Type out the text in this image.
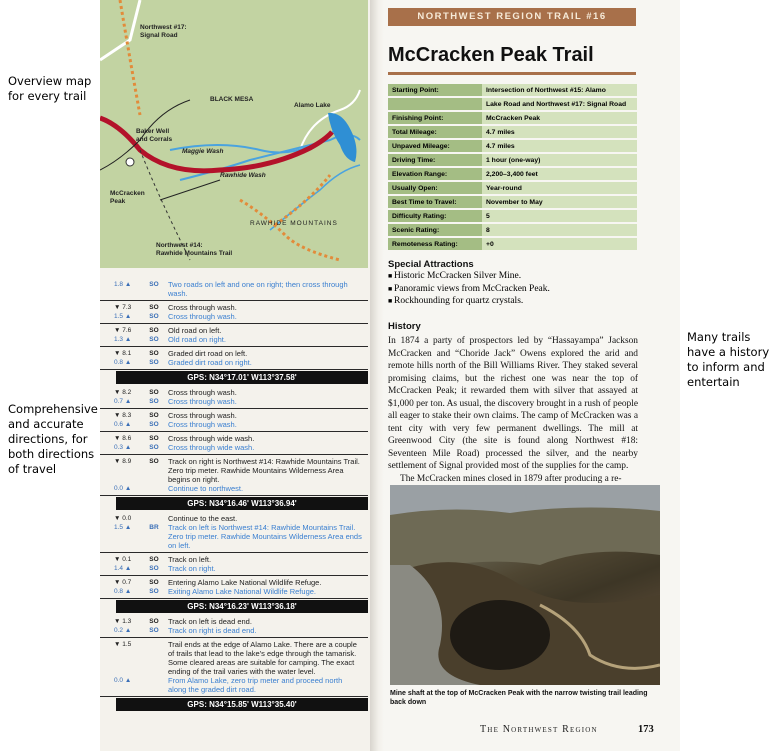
Overview map
for every trail
Comprehensive
and accurate
directions, for
both directions
of travel
Many trails
have a history
to inform and
entertain
Northwest #17:
Signal Road
BLACK MESA
Baker Well
and Corrals
Maggie Wash
Alamo Lake
Rawhide Wash
McCracken
Peak
Northwest #14:
Rawhide Mountains Trail
RAWHIDE MOUNTAINS
1.8 ▲	SO	Two roads on left and one on right; then cross through wash.
▼ 7.3	SO	Cross through wash.
1.5 ▲	SO	Cross through wash.
▼ 7.6	SO	Old road on left.
1.3 ▲	SO	Old road on right.
▼ 8.1	SO	Graded dirt road on left.
0.8 ▲	SO	Graded dirt road on right.
GPS: N34°17.01' W113°37.58'
▼ 8.2	SO	Cross through wash.
0.7 ▲	SO	Cross through wash.
▼ 8.3	SO	Cross through wash.
0.6 ▲	SO	Cross through wash.
▼ 8.6	SO	Cross through wide wash.
0.3 ▲	SO	Cross through wide wash.
▼ 8.9	SO	Track on right is Northwest #14: Rawhide Mountains Trail. Zero trip meter. Rawhide Mountains Wilderness Area begins on right.
0.0 ▲	Continue to northwest.
GPS: N34°16.46' W113°36.94'
▼ 0.0	Continue to the east.
1.5 ▲	BR	Track on left is Northwest #14: Rawhide Mountains Trail. Zero trip meter. Rawhide Mountains Wilderness Area ends on left.
▼ 0.1	SO	Track on left.
1.4 ▲	SO	Track on right.
▼ 0.7	SO	Entering Alamo Lake National Wildlife Refuge.
0.8 ▲	SO	Exiting Alamo Lake National Wildlife Refuge.
GPS: N34°16.23' W113°36.18'
▼ 1.3	SO	Track on left is dead end.
0.2 ▲	SO	Track on right is dead end.
▼ 1.5	Trail ends at the edge of Alamo Lake. There are a couple of trails that lead to the lake's edge through the tamarisk. Some cleared areas are suitable for camping. The exact ending of the trail varies with the water level.
0.0 ▲	From Alamo Lake, zero trip meter and proceed north along the graded dirt road.
GPS: N34°15.85' W113°35.40'
NORTHWEST REGION TRAIL #16
McCracken Peak Trail
Starting Point:	Intersection of Northwest #15: Alamo
	Lake Road and Northwest #17: Signal Road
Finishing Point:	McCracken Peak
Total Mileage:	4.7 miles
Unpaved Mileage:	4.7 miles
Driving Time:	1 hour (one-way)
Elevation Range:	2,200–3,400 feet
Usually Open:	Year-round
Best Time to Travel:	November to May
Difficulty Rating:	5
Scenic Rating:	8
Remoteness Rating:	+0
Special Attractions
■ Historic McCracken Silver Mine.
■ Panoramic views from McCracken Peak.
■ Rockhounding for quartz crystals.
History
In 1874 a party of prospectors led by “Hassayampa” Jackson McCracken and “Choride Jack” Owens explored the arid and remote hills north of the Bill Williams River. They staked several promising claims, but the richest one was near the top of McCracken Peak; it rewarded them with silver that assayed at $1,000 per ton. As usual, the discovery brought in a rush of people all eager to stake their own claims. The camp of McCracken was a tent city with very few permanent dwellings. The mill at Greenwood City (the site is found along Northwest #18: Seventeen Mile Road) processed the silver, and the nearby settlement of Signal provided most of the supplies for the camp.
The McCracken mines closed in 1879 after producing a re-
Mine shaft at the top of McCracken Peak with the narrow twisting trail leading back down
The Northwest Region	173
